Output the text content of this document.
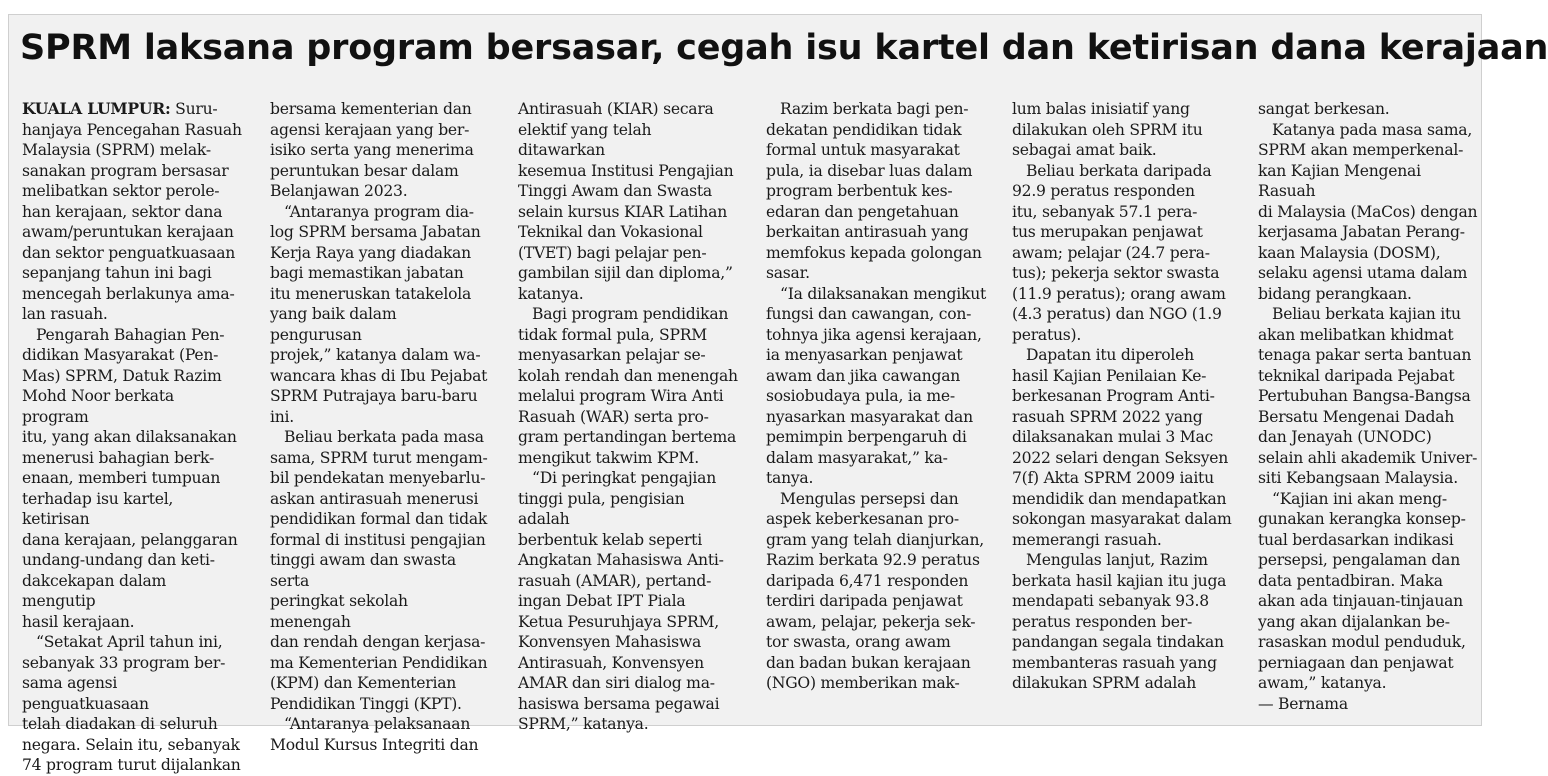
SPRM laksana program bersasar, cegah isu kartel dan ketirisan dana kerajaan

KUALA LUMPUR: Suru-
hanjaya Pencegahan Rasuah
Malaysia (SPRM) melak-
sanakan program bersasar
melibatkan sektor perole-
han kerajaan, sektor dana
awam/peruntukan kerajaan
dan sektor penguatkuasaan
sepanjang tahun ini bagi
mencegah berlakunya ama-
lan rasuah.

Pengarah Bahagian Pen-
didikan Masyarakat (Pen-
Mas) SPRM, Datuk Razim
Mohd Noor berkata program
itu, yang akan dilaksanakan
menerusi bahagian berk-
enaan, memberi tumpuan
terhadap isu kartel, ketirisan
dana kerajaan, pelanggaran
undang-undang dan keti-
dakcekapan dalam mengutip
hasil kerajaan.

“Setakat April tahun ini,
sebanyak 33 program ber-
sama agensi penguatkuasaan
telah diadakan di seluruh
negara. Selain itu, sebanyak
74 program turut dijalankan

bersama kementerian dan
agensi kerajaan yang ber-
isiko serta yang menerima
peruntukan besar dalam
Belanjawan 2023.

“Antaranya program dia-
log SPRM bersama Jabatan
Kerja Raya yang diadakan
bagi memastikan jabatan
itu meneruskan tatakelola
yang baik dalam pengurusan
projek,” katanya dalam wa-
wancara khas di Ibu Pejabat
SPRM Putrajaya baru-baru
ini.

Beliau berkata pada masa
sama, SPRM turut mengam-
bil pendekatan menyebarlu-
askan antirasuah menerusi
pendidikan formal dan tidak
formal di institusi pengajian
tinggi awam dan swasta serta
peringkat sekolah menengah
dan rendah dengan kerjasa-
ma Kementerian Pendidikan
(KPM) dan Kementerian
Pendidikan Tinggi (KPT).

“Antaranya pelaksanaan
Modul Kursus Integriti dan

Antirasuah (KIAR) secara
elektif yang telah ditawarkan
kesemua Institusi Pengajian
Tinggi Awam dan Swasta
selain kursus KIAR Latihan
Teknikal dan Vokasional
(TVET) bagi pelajar pen-
gambilan sijil dan diploma,”
katanya.

Bagi program pendidikan
tidak formal pula, SPRM
menyasarkan pelajar se-
kolah rendah dan menengah
melalui program Wira Anti
Rasuah (WAR) serta pro-
gram pertandingan bertema
mengikut takwim KPM.

“Di peringkat pengajian
tinggi pula, pengisian adalah
berbentuk kelab seperti
Angkatan Mahasiswa Anti-
rasuah (AMAR), pertand-
ingan Debat IPT Piala
Ketua Pesuruhjaya SPRM,
Konvensyen Mahasiswa
Antirasuah, Konvensyen
AMAR dan siri dialog ma-
hasiswa bersama pegawai
SPRM,” katanya.

Razim berkata bagi pen-
dekatan pendidikan tidak
formal untuk masyarakat
pula, ia disebar luas dalam
program berbentuk kes-
edaran dan pengetahuan
berkaitan antirasuah yang
memfokus kepada golongan
sasar.

“Ia dilaksanakan mengikut
fungsi dan cawangan, con-
tohnya jika agensi kerajaan,
ia menyasarkan penjawat
awam dan jika cawangan
sosiobudaya pula, ia me-
nyasarkan masyarakat dan
pemimpin berpengaruh di
dalam masyarakat,” ka-
tanya.

Mengulas persepsi dan
aspek keberkesanan pro-
gram yang telah dianjurkan,
Razim berkata 92.9 peratus
daripada 6,471 responden
terdiri daripada penjawat
awam, pelajar, pekerja sek-
tor swasta, orang awam
dan badan bukan kerajaan
(NGO) memberikan mak-

lum balas inisiatif yang
dilakukan oleh SPRM itu
sebagai amat baik.

Beliau berkata daripada
92.9 peratus responden
itu, sebanyak 57.1 pera-
tus merupakan penjawat
awam; pelajar (24.7 pera-
tus); pekerja sektor swasta
(11.9 peratus); orang awam
(4.3 peratus) dan NGO (1.9
peratus).

Dapatan itu diperoleh
hasil Kajian Penilaian Ke-
berkesanan Program Anti-
rasuah SPRM 2022 yang
dilaksanakan mulai 3 Mac
2022 selari dengan Seksyen
7(f) Akta SPRM 2009 iaitu
mendidik dan mendapatkan
sokongan masyarakat dalam
memerangi rasuah.

Mengulas lanjut, Razim
berkata hasil kajian itu juga
mendapati sebanyak 93.8
peratus responden ber-
pandangan segala tindakan
membanteras rasuah yang
dilakukan SPRM adalah

sangat berkesan.

Katanya pada masa sama,
SPRM akan memperkenal-
kan Kajian Mengenai Rasuah
di Malaysia (MaCos) dengan
kerjasama Jabatan Perang-
kaan Malaysia (DOSM),
selaku agensi utama dalam
bidang perangkaan.

Beliau berkata kajian itu
akan melibatkan khidmat
tenaga pakar serta bantuan
teknikal daripada Pejabat
Pertubuhan Bangsa-Bangsa
Bersatu Mengenai Dadah
dan Jenayah (UNODC)
selain ahli akademik Univer-
siti Kebangsaan Malaysia.

“Kajian ini akan meng-
gunakan kerangka konsep-
tual berdasarkan indikasi
persepsi, pengalaman dan
data pentadbiran. Maka
akan ada tinjauan-tinjauan
yang akan dijalankan be-
rasaskan modul penduduk,
perniagaan dan penjawat
awam,” katanya.

— Bernama
